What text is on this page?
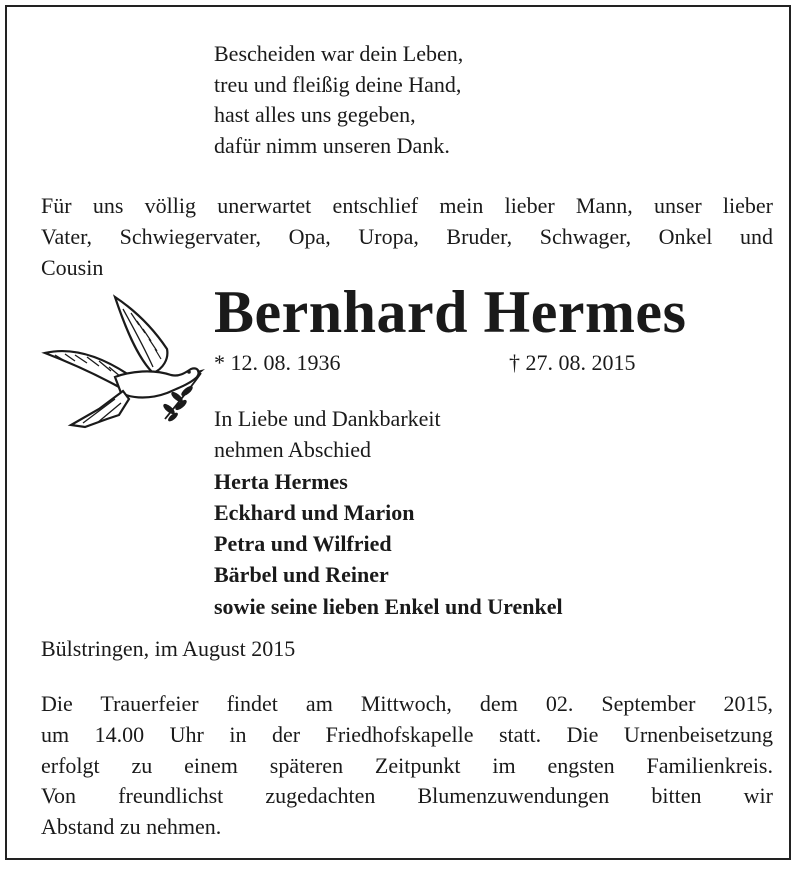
Bescheiden war dein Leben,
treu und fleißig deine Hand,
hast alles uns gegeben,
dafür nimm unseren Dank.
Für uns völlig unerwartet entschlief mein lieber Mann, unser lieber
Vater, Schwiegervater, Opa, Uropa, Bruder, Schwager, Onkel und
Cousin
Bernhard Hermes
* 12. 08. 1936	† 27. 08. 2015
In Liebe und Dankbarkeit
nehmen Abschied
Herta Hermes
Eckhard und Marion
Petra und Wilfried
Bärbel und Reiner
sowie seine lieben Enkel und Urenkel
Bülstringen, im August 2015
Die Trauerfeier findet am Mittwoch, dem 02. September 2015,
um 14.00 Uhr in der Friedhofskapelle statt. Die Urnenbeisetzung
erfolgt zu einem späteren Zeitpunkt im engsten Familienkreis.
Von freundlichst zugedachten Blumenzuwendungen bitten wir
Abstand zu nehmen.
